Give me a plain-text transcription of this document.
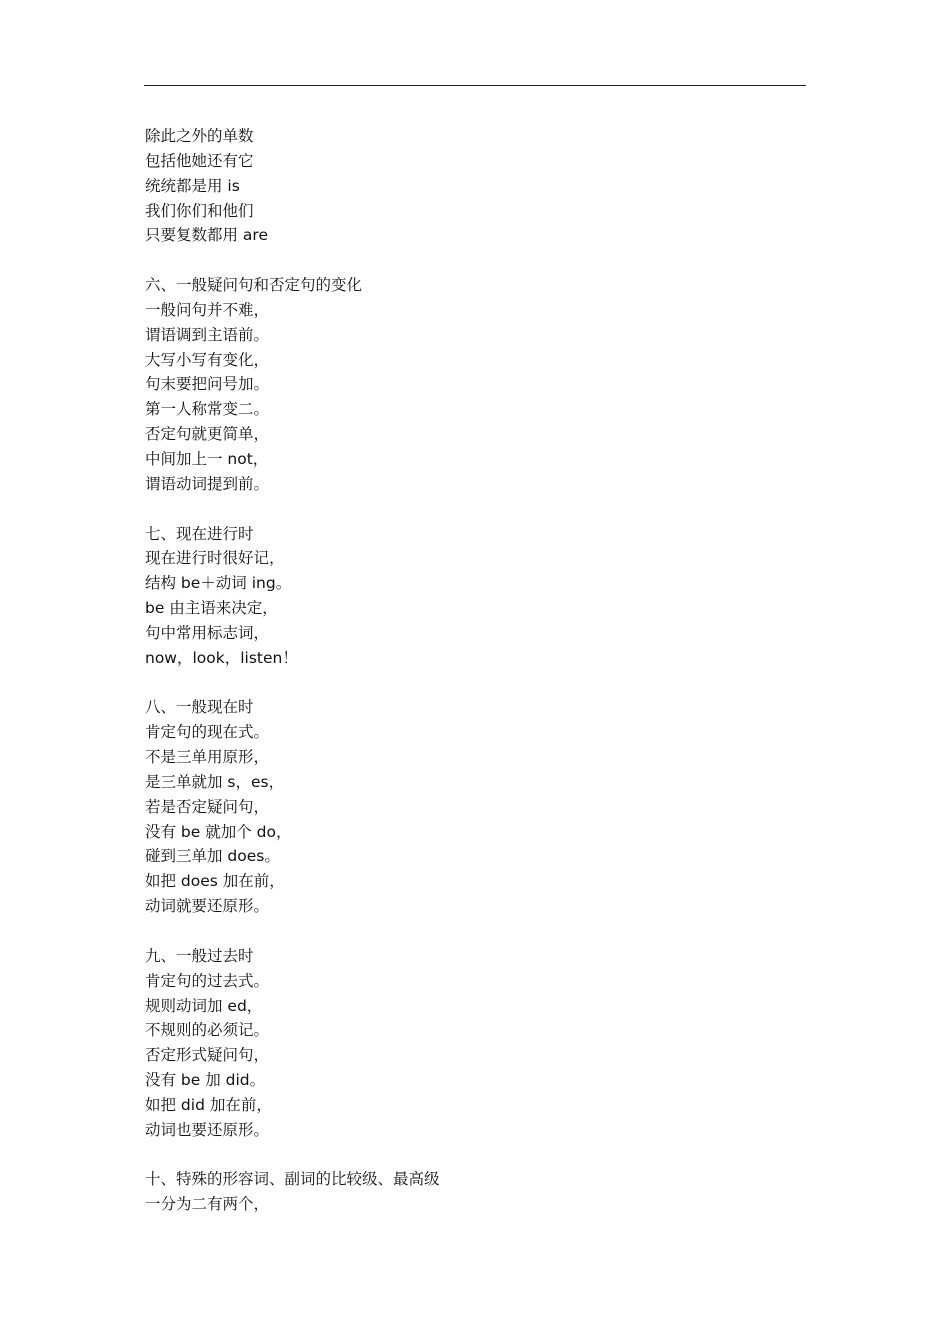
除此之外的单数
包括他她还有它
统统都是用 is
我们你们和他们
只要复数都用 are
六、一般疑问句和否定句的变化
一般问句并不难，
谓语调到主语前。
大写小写有变化，
句末要把问号加。
第一人称常变二。
否定句就更简单，
中间加上一 not，
谓语动词提到前。
七、现在进行时
现在进行时很好记，
结构 be＋动词 ing。
be 由主语来决定，
句中常用标志词，
now，look，listen！
八、一般现在时
肯定句的现在式。
不是三单用原形，
是三单就加 s，es，
若是否定疑问句，
没有 be 就加个 do，
碰到三单加 does。
如把 does 加在前，
动词就要还原形。
九、一般过去时
肯定句的过去式。
规则动词加 ed，
不规则的必须记。
否定形式疑问句，
没有 be 加 did。
如把 did 加在前，
动词也要还原形。
十、特殊的形容词、副词的比较级、最高级
一分为二有两个，
